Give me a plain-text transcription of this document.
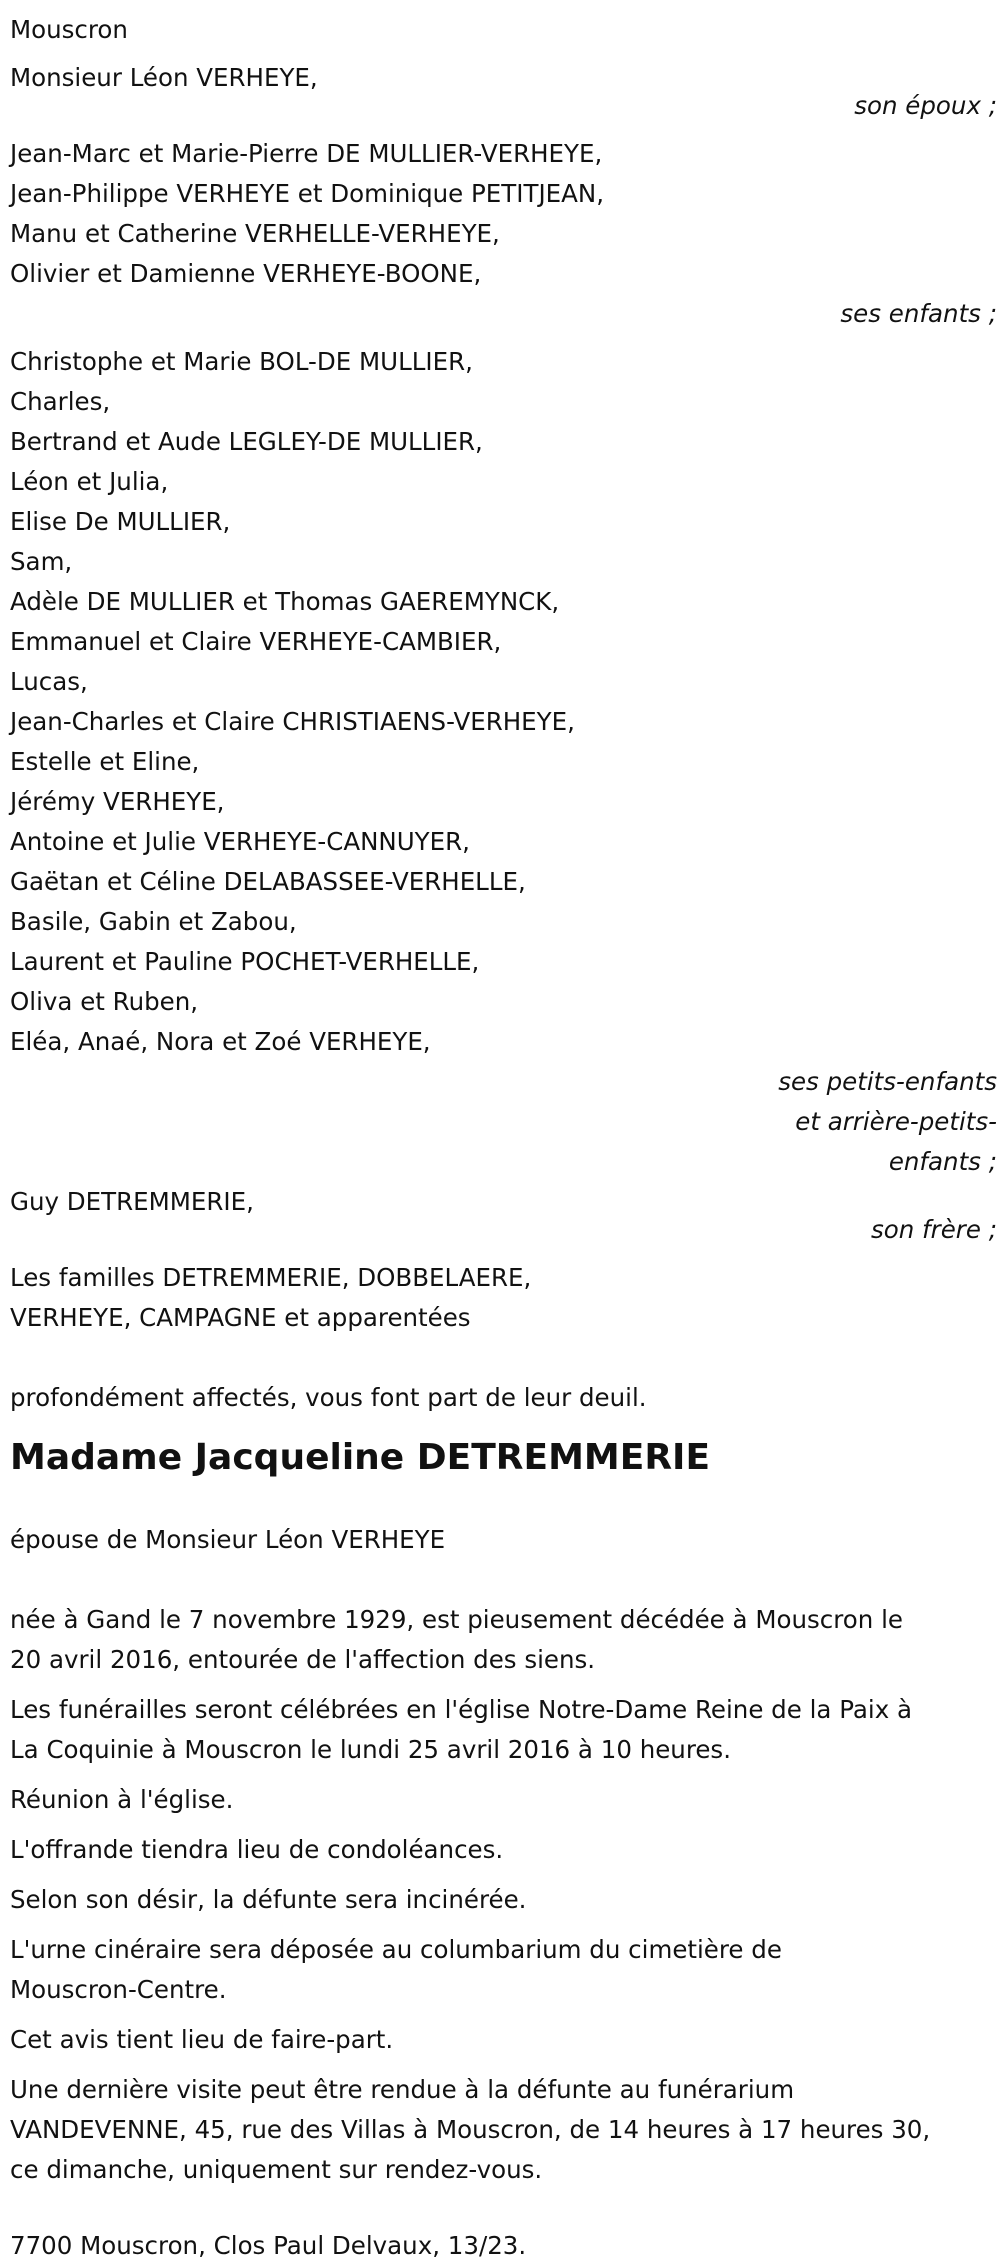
Mouscron
Monsieur Léon VERHEYE,
son époux ;
Jean-Marc et Marie-Pierre DE MULLIER-VERHEYE,
Jean-Philippe VERHEYE et Dominique PETITJEAN,
Manu et Catherine VERHELLE-VERHEYE,
Olivier et Damienne VERHEYE-BOONE,
ses enfants ;
Christophe et Marie BOL-DE MULLIER,
Charles,
Bertrand et Aude LEGLEY-DE MULLIER,
Léon et Julia,
Elise De MULLIER,
Sam,
Adèle DE MULLIER et Thomas GAEREMYNCK,
Emmanuel et Claire VERHEYE-CAMBIER,
Lucas,
Jean-Charles et Claire CHRISTIAENS-VERHEYE,
Estelle et Eline,
Jérémy VERHEYE,
Antoine et Julie VERHEYE-CANNUYER,
Gaëtan et Céline DELABASSEE-VERHELLE,
Basile, Gabin et Zabou,
Laurent et Pauline POCHET-VERHELLE,
Oliva et Ruben,
Eléa, Anaé, Nora et Zoé VERHEYE,
ses petits-enfants
et arrière-petits-
enfants ;
Guy DETREMMERIE,
son frère ;
Les familles DETREMMERIE, DOBBELAERE,
VERHEYE, CAMPAGNE et apparentées
profondément affectés, vous font part de leur deuil.
Madame Jacqueline DETREMMERIE
épouse de Monsieur Léon VERHEYE
née à Gand le 7 novembre 1929, est pieusement décédée à Mouscron le
20 avril 2016, entourée de l'affection des siens.
Les funérailles seront célébrées en l'église Notre-Dame Reine de la Paix à
La Coquinie à Mouscron le lundi 25 avril 2016 à 10 heures.
Réunion à l'église.
L'offrande tiendra lieu de condoléances.
Selon son désir, la défunte sera incinérée.
L'urne cinéraire sera déposée au columbarium du cimetière de
Mouscron-Centre.
Cet avis tient lieu de faire-part.
Une dernière visite peut être rendue à la défunte au funérarium
VANDEVENNE, 45, rue des Villas à Mouscron, de 14 heures à 17 heures 30,
ce dimanche, uniquement sur rendez-vous.
7700 Mouscron, Clos Paul Delvaux, 13/23.
